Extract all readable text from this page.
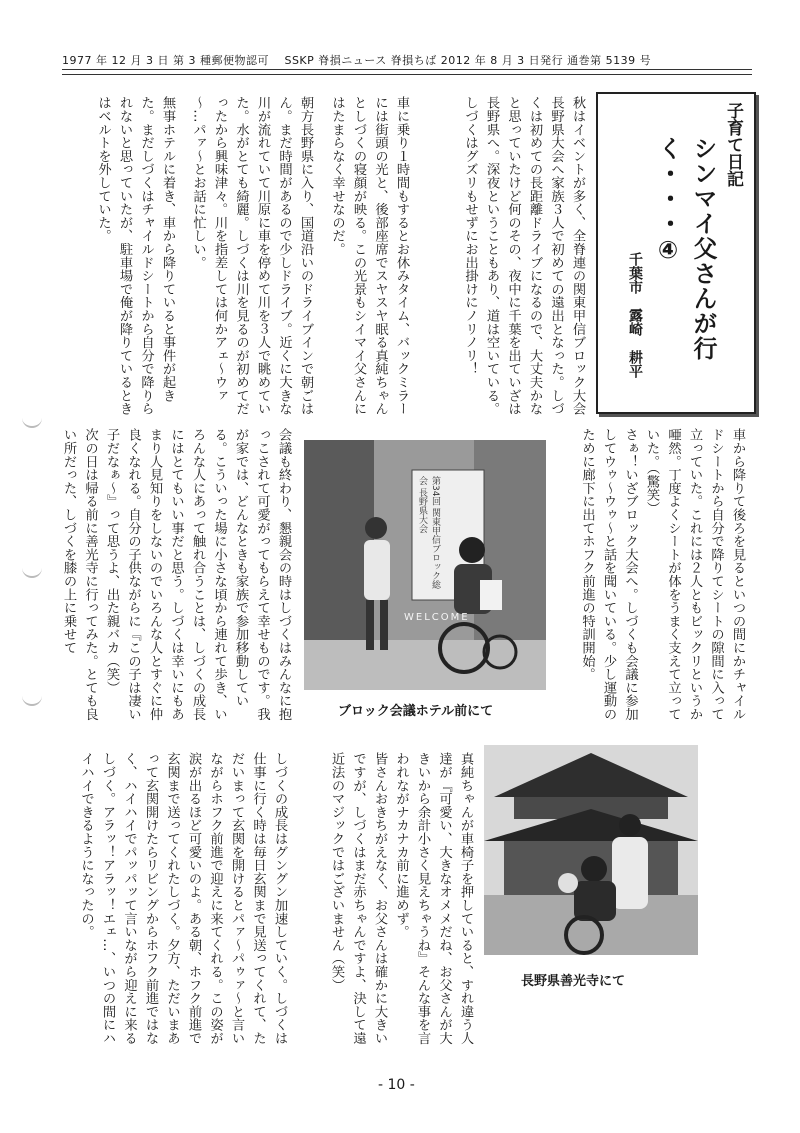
1977 年 12 月 3 日 第 3 種郵便物認可　 SSKP 脊損ニュース 脊損ちば 2012 年 8 月 3 日発行 通巻第 5139 号
子育て日記
シンマイ父さんが行く・・・④
千葉市　露崎　耕平
秋はイベントが多く、全脊連の関東甲信ブロック大会長野県大会へ家族３人で初めての遠出となった。しづくは初めての長距離ドライブになるので、大丈夫かなと思っていたけど何のその、夜中に千葉を出ていざは長野県へ。深夜ということもあり、道は空いている。しづくはグズリもせずにお出掛けにノリノリ！
車に乗り１時間もするとお休みタイム、バックミラーには街頭の光と、後部座席でスヤスヤ眠る真純ちゃんとしづくの寝顔が映る。この光景もシイマイ父さんにはたまらなく幸せなのだ。
朝方長野県に入り、国道沿いのドライブインで朝ごはん。まだ時間があるので少しドライブ。近くに大きな川が流れていて川原に車を停めて川を３人で眺めていた。水がとても綺麗。しづくは川を見るのが初めてだったから興味津々。川を指差しては何かアェ～ウァ～…パァ～とお話に忙しい。
無事ホテルに着き、車から降りていると事件が起きた。まだしづくはチャイルドシートから自分で降りられないと思っていたが、駐車場で俺が降りているときはベルトを外していた。
車から降りて後ろを見るといつの間にかチャイルドシートから自分で降りてシートの隙間に入って立っていた。これには２人ともビックリというか唖然。丁度よくシートが体をうまく支えて立っていた。（驚笑）
さぁ！いざブロック大会へ。しづくも会議に参加してウゥ～ウゥ～と話を聞いている。少し運動のために廊下に出てホフク前進の特訓開始。
第34回 関東甲信ブロック総会 長野県大会
WELCOME
ブロック会議ホテル前にて
会議も終わり、懇親会の時はしづくはみんなに抱っこされて可愛がってもらえて幸せものです。我が家では、どんなときも家族で参加移動している。こういった場に小さな頃から連れて歩き、いろんな人にあって触れ合うことは、しづくの成長にはとてもいい事だと思う。しづくは幸いにもあまり人見知りをしないのでいろんな人とすぐに仲良くなれる。自分の子供ながらに『この子は凄い子だなぁ～』って思うよ、出た親バカ（笑）
次の日は帰る前に善光寺に行ってみた。とても良い所だった、しづくを膝の上に乗せて
長野県善光寺にて
真純ちゃんが車椅子を押していると、すれ違う人達が『可愛い、大きなオメメだね、お父さんが大きいから余計小さく見えちゃうね』そんな事を言われながナカナカ前に進めず。
皆さんおきちがえなく、お父さんは確かに大きいですが、しづくはまだ赤ちゃんですよ、決して遠近法のマジックではございません（笑）
しづくの成長はグングン加速していく。しづくは仕事に行く時は毎日玄関まで見送ってくれて、ただいまって玄関を開けるとパァ～パゥァ～と言いながらホフク前進で迎えに来てくれる。この姿が涙が出るほど可愛いのよ。ある朝、ホフク前進で玄関まで送ってくれたしづく。夕方、ただいまあって玄関開けたらリビングからホフク前進ではなく、ハイハイでパッパッて言いながら迎えに来るしづく。アラッ！アラッ！エェ…、いつの間にハイハイできるようになったの。
- 10 -
